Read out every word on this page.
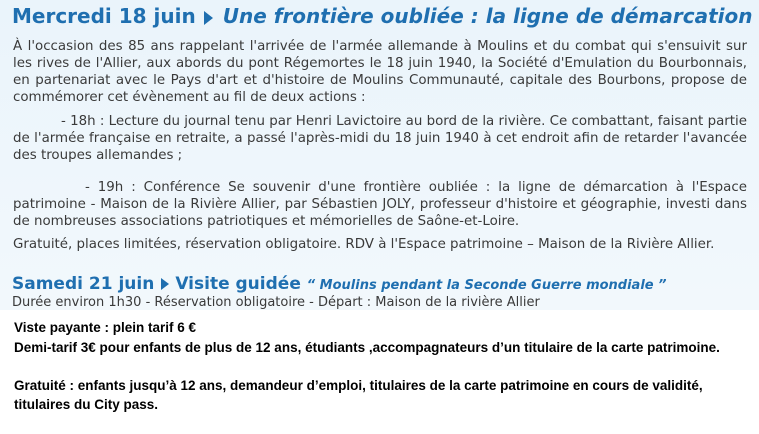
Mercredi 18 juin Une frontière oubliée : la ligne de démarcation

À l'occasion des 85 ans rappelant l'arrivée de l'armée allemande à Moulins et du combat qui s'ensuivit sur les rives de l'Allier, aux abords du pont Régemortes le 18 juin 1940, la Société d'Emulation du Bourbonnais, en partenariat avec le Pays d'art et d'histoire de Moulins Communauté, capitale des Bourbons, propose de commémorer cet évènement au fil de deux actions :

- 18h : Lecture du journal tenu par Henri Lavictoire au bord de la rivière. Ce combattant, faisant partie de l'armée française en retraite, a passé l'après-midi du 18 juin 1940 à cet endroit afin de retarder l'avancée des troupes allemandes ;

- 19h : Conférence Se souvenir d'une frontière oubliée : la ligne de démarcation à l'Espace patrimoine - Maison de la Rivière Allier, par Sébastien JOLY, professeur d'histoire et géographie, investi dans de nombreuses associations patriotiques et mémorielles de Saône-et-Loire.

Gratuité, places limitées, réservation obligatoire. RDV à l'Espace patrimoine – Maison de la Rivière Allier.

Samedi 21 juin Visite guidée “ Moulins pendant la Seconde Guerre mondiale ”
Durée environ 1h30 - Réservation obligatoire - Départ : Maison de la rivière Allier

Viste payante : plein tarif 6 €

Demi-tarif 3€ pour enfants de plus de 12 ans, étudiants ,accompagnateurs d’un titulaire de la carte patrimoine.

Gratuité : enfants jusqu’à 12 ans, demandeur d’emploi, titulaires de la carte patrimoine en cours de validité, titulaires du City pass.
